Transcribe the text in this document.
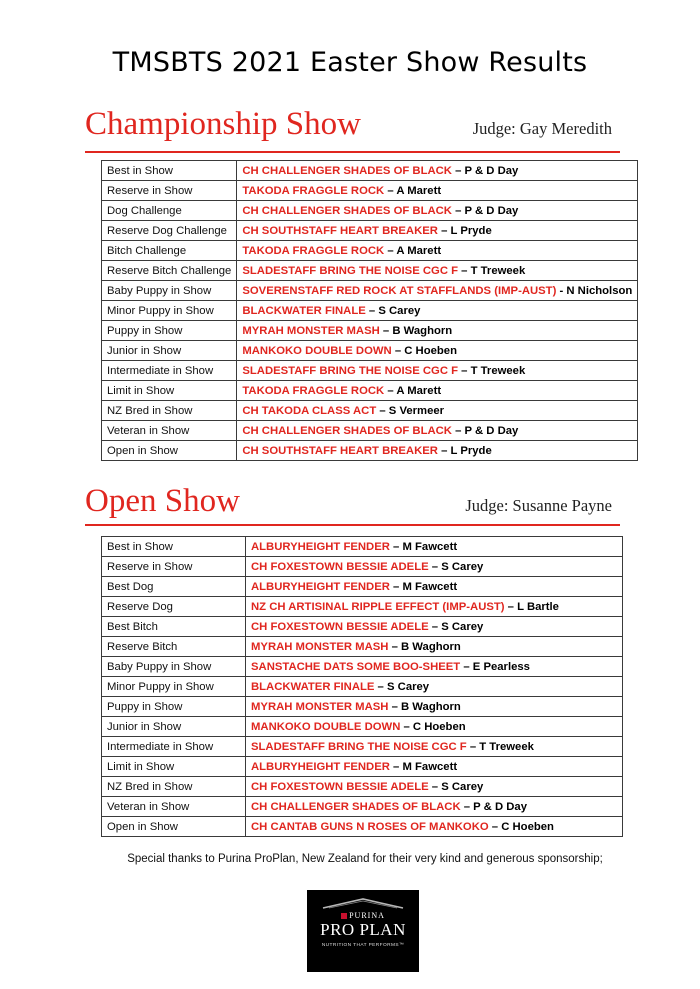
TMSBTS 2021 Easter Show Results
Championship Show	Judge: Gay Meredith
Best in Show	CH CHALLENGER SHADES OF BLACK – P & D Day
Reserve in Show	TAKODA FRAGGLE ROCK – A Marett
Dog Challenge	CH CHALLENGER SHADES OF BLACK – P & D Day
Reserve Dog Challenge	CH SOUTHSTAFF HEART BREAKER – L Pryde
Bitch Challenge	TAKODA FRAGGLE ROCK – A Marett
Reserve Bitch Challenge	SLADESTAFF BRING THE NOISE CGC F – T Treweek
Baby Puppy in Show	SOVERENSTAFF RED ROCK AT STAFFLANDS (IMP-AUST) - N Nicholson
Minor Puppy in Show	BLACKWATER FINALE – S Carey
Puppy in Show	MYRAH MONSTER MASH – B Waghorn
Junior in Show	MANKOKO DOUBLE DOWN – C Hoeben
Intermediate in Show	SLADESTAFF BRING THE NOISE CGC F – T Treweek
Limit in Show	TAKODA FRAGGLE ROCK – A Marett
NZ Bred in Show	CH TAKODA CLASS ACT – S Vermeer
Veteran in Show	CH CHALLENGER SHADES OF BLACK – P & D Day
Open in Show	CH SOUTHSTAFF HEART BREAKER – L Pryde
Open Show	Judge: Susanne Payne
Best in Show	ALBURYHEIGHT FENDER – M Fawcett
Reserve in Show	CH FOXESTOWN BESSIE ADELE – S Carey
Best Dog	ALBURYHEIGHT FENDER – M Fawcett
Reserve Dog	NZ CH ARTISINAL RIPPLE EFFECT (IMP-AUST) – L Bartle
Best Bitch	CH FOXESTOWN BESSIE ADELE – S Carey
Reserve Bitch	MYRAH MONSTER MASH – B Waghorn
Baby Puppy in Show	SANSTACHE DATS SOME BOO-SHEET – E Pearless
Minor Puppy in Show	BLACKWATER FINALE – S Carey
Puppy in Show	MYRAH MONSTER MASH – B Waghorn
Junior in Show	MANKOKO DOUBLE DOWN – C Hoeben
Intermediate in Show	SLADESTAFF BRING THE NOISE CGC F – T Treweek
Limit in Show	ALBURYHEIGHT FENDER – M Fawcett
NZ Bred in Show	CH FOXESTOWN BESSIE ADELE – S Carey
Veteran in Show	CH CHALLENGER SHADES OF BLACK – P & D Day
Open in Show	CH CANTAB GUNS N ROSES OF MANKOKO – C Hoeben
Special thanks to Purina ProPlan, New Zealand for their very kind and generous sponsorship;
PURINA
PRO PLAN
NUTRITION THAT PERFORMS™
